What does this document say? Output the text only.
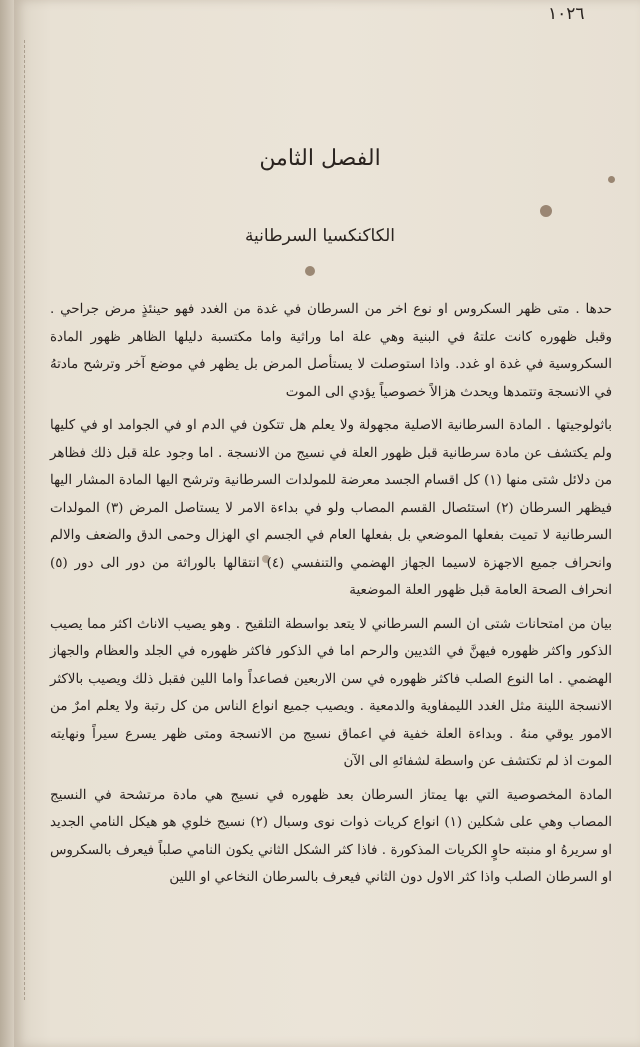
١٠٢٦
الفصل الثامن
الكاكنكسيا السرطانية

حدها . متى ظهر السكروس او نوع اخر من السرطان في غدة من الغدد فهو حينئذٍ مرض جراحي . وقبل ظهوره كانت علتهُ في البنية وهي علة اما وراثية واما مكتسبة دليلها الظاهر ظهور المادة السكروسية في غدة او غدد. واذا استوصلت لا يستأصل المرض بل يظهر في موضع آخر وترشح مادتهُ في الانسجة وتتمدها ويحدث هزالاً خصوصياً يؤدي الى الموت

باثولوجيتها . المادة السرطانية الاصلية مجهولة ولا يعلم هل تتكون في الدم او في الجوامد او في كليها ولم يكتشف عن مادة سرطانية قبل ظهور العلة في نسيج من الانسجة . اما وجود علة قبل ذلك فظاهر من دلائل شتى منها (١) كل اقسام الجسد معرضة للمولدات السرطانية وترشح اليها المادة المشار اليها فيظهر السرطان (٢) استئصال القسم المصاب ولو في بداءة الامر لا يستاصل المرض (٣) المولدات السرطانية لا تميت بفعلها الموضعي بل بفعلها العام في الجسم اي الهزال وحمى الدق والضعف والالم وانحراف جميع الاجهزة لاسيما الجهاز الهضمي والتنفسي (٤) انتقالها بالوراثة من دور الى دور (٥) انحراف الصحة العامة قبل ظهور العلة الموضعية

بيان من امتحانات شتى ان السم السرطاني لا يتعد بواسطة التلقيح . وهو يصيب الاناث اكثر مما يصيب الذكور واكثر ظهوره فيهنَّ في الثديين والرحم اما في الذكور فاكثر ظهوره في الجلد والعظام والجهاز الهضمي . اما النوع الصلب فاكثر ظهوره في سن الاربعين فصاعداً واما اللين فقبل ذلك ويصيب بالاكثر الانسجة اللينة مثل الغدد الليمفاوية والدمعية . ويصيب جميع انواع الناس من كل رتبة ولا يعلم امرٌ من الامور يوقي منهُ . وبداءة العلة خفية في اعماق نسيج من الانسجة ومتى ظهر يسرع سيراً ونهايته الموت اذ لم تكتشف عن واسطة لشفائهِ الى الآن

المادة المخصوصية التي بها يمتاز السرطان بعد ظهوره في نسيج هي مادة مرتشحة في النسيج المصاب وهي على شكلين (١) انواع كريات ذوات نوى وسبال (٢) نسيج خلوي هو هيكل النامي الجديد او سريرهُ او منبته حاوٍ الكريات المذكورة . فاذا كثر الشكل الثاني يكون النامي صلباً فيعرف بالسكروس او السرطان الصلب واذا كثر الاول دون الثاني فيعرف بالسرطان النخاعي او اللين
